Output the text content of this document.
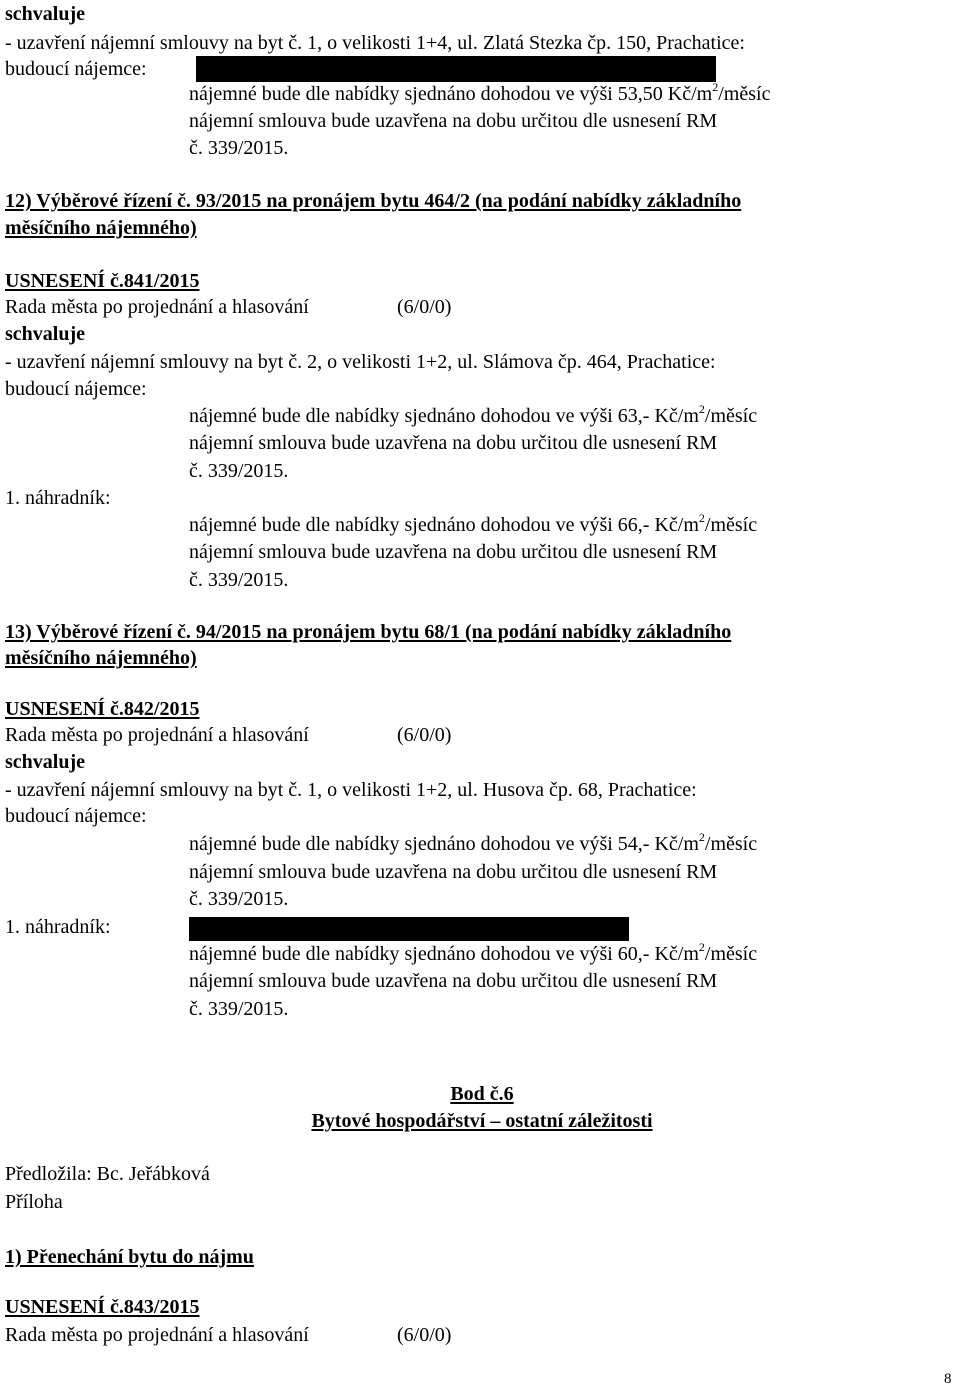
schvaluje
- uzavření nájemní smlouvy na byt č. 1, o velikosti 1+4, ul. Zlatá Stezka čp. 150, Prachatice:
budoucí nájemce:
nájemné bude dle nabídky sjednáno dohodou ve výši 53,50 $Kč/m^2$/měsíc
nájemní smlouva bude uzavřena na dobu určitou dle usnesení RM
č. 339/2015.
12) Výběrové řízení č. 93/2015 na pronájem bytu 464/2 (na podání nabídky základního
měsíčního nájemného)
USNESENÍ č.841/2015
Rada města po projednání a hlasování	(6/0/0)
schvaluje
- uzavření nájemní smlouvy na byt č. 2, o velikosti 1+2, ul. Slámova čp. 464, Prachatice:
budoucí nájemce:
nájemné bude dle nabídky sjednáno dohodou ve výši 63,- $Kč/m^2$/měsíc
nájemní smlouva bude uzavřena na dobu určitou dle usnesení RM
č. 339/2015.
1. náhradník:
nájemné bude dle nabídky sjednáno dohodou ve výši 66,- $Kč/m^2$/měsíc
nájemní smlouva bude uzavřena na dobu určitou dle usnesení RM
č. 339/2015.
13) Výběrové řízení č. 94/2015 na pronájem bytu 68/1 (na podání nabídky základního
měsíčního nájemného)
USNESENÍ č.842/2015
Rada města po projednání a hlasování	(6/0/0)
schvaluje
- uzavření nájemní smlouvy na byt č. 1, o velikosti 1+2, ul. Husova čp. 68, Prachatice:
budoucí nájemce:
nájemné bude dle nabídky sjednáno dohodou ve výši 54,- $Kč/m^2$/měsíc
nájemní smlouva bude uzavřena na dobu určitou dle usnesení RM
č. 339/2015.
1. náhradník:
nájemné bude dle nabídky sjednáno dohodou ve výši 60,- $Kč/m^2$/měsíc
nájemní smlouva bude uzavřena na dobu určitou dle usnesení RM
č. 339/2015.
Bod č.6
Bytové hospodářství – ostatní záležitosti
Předložila: Bc. Jeřábková
Příloha
1) Přenechání bytu do nájmu
USNESENÍ č.843/2015
Rada města po projednání a hlasování	(6/0/0)
8
